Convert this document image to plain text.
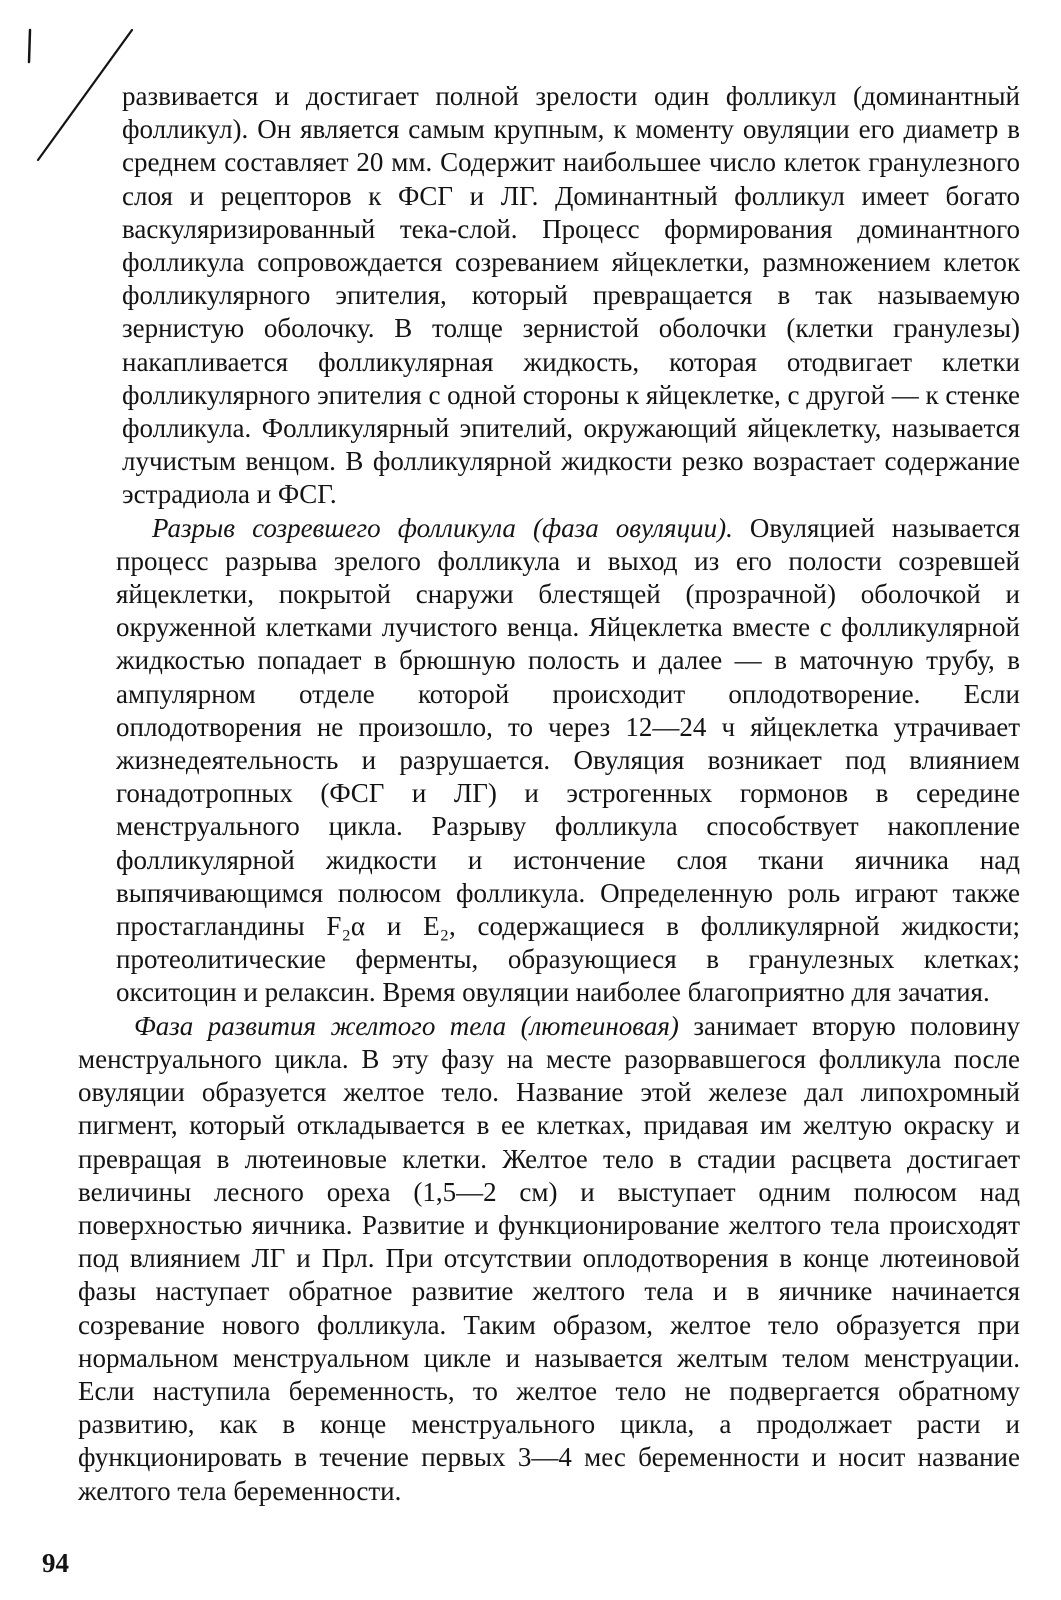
развивается и достигает полной зрелости один фолликул (доминантный фолликул). Он является самым крупным, к моменту овуляции его диаметр в среднем составляет 20 мм. Содержит наибольшее число клеток гранулезного слоя и рецепторов к ФСГ и ЛГ. Доминантный фолликул имеет богато васкуляризированный тека-слой. Процесс формирования доминантного фолликула сопровождается созреванием яйцеклетки, размножением клеток фолликулярного эпителия, который превращается в так называемую зернистую оболочку. В толще зернистой оболочки (клетки гранулезы) накапливается фолликулярная жидкость, которая отодвигает клетки фолликулярного эпителия с одной стороны к яйцеклетке, с другой — к стенке фолликула. Фолликулярный эпителий, окружающий яйцеклетку, называется лучистым венцом. В фолликулярной жидкости резко возрастает содержание эстрадиола и ФСГ.

Разрыв созревшего фолликула (фаза овуляции). Овуляцией называется процесс разрыва зрелого фолликула и выход из его полости созревшей яйцеклетки, покрытой снаружи блестящей (прозрачной) оболочкой и окруженной клетками лучистого венца. Яйцеклетка вместе с фолликулярной жидкостью попадает в брюшную полость и далее — в маточную трубу, в ампулярном отделе которой происходит оплодотворение. Если оплодотворения не произошло, то через 12—24 ч яйцеклетка утрачивает жизнедеятельность и разрушается. Овуляция возникает под влиянием гонадотропных (ФСГ и ЛГ) и эстрогенных гормонов в середине менструального цикла. Разрыву фолликула способствует накопление фолликулярной жидкости и истончение слоя ткани яичника над выпячивающимся полюсом фолликула. Определенную роль играют также простагландины F₂α и E₂, содержащиеся в фолликулярной жидкости; протеолитические ферменты, образующиеся в гранулезных клетках; окситоцин и релаксин. Время овуляции наиболее благоприятно для зачатия.

Фаза развития желтого тела (лютеиновая) занимает вторую половину менструального цикла. В эту фазу на месте разорвавшегося фолликула после овуляции образуется желтое тело. Название этой железе дал липохромный пигмент, который откладывается в ее клетках, придавая им желтую окраску и превращая в лютеиновые клетки. Желтое тело в стадии расцвета достигает величины лесного ореха (1,5—2 см) и выступает одним полюсом над поверхностью яичника. Развитие и функционирование желтого тела происходят под влиянием ЛГ и Прл. При отсутствии оплодотворения в конце лютеиновой фазы наступает обратное развитие желтого тела и в яичнике начинается созревание нового фолликула. Таким образом, желтое тело образуется при нормальном менструальном цикле и называется желтым телом менструации. Если наступила беременность, то желтое тело не подвергается обратному развитию, как в конце менструального цикла, а продолжает расти и функционировать в течение первых 3—4 мес беременности и носит название желтого тела беременности.

94
